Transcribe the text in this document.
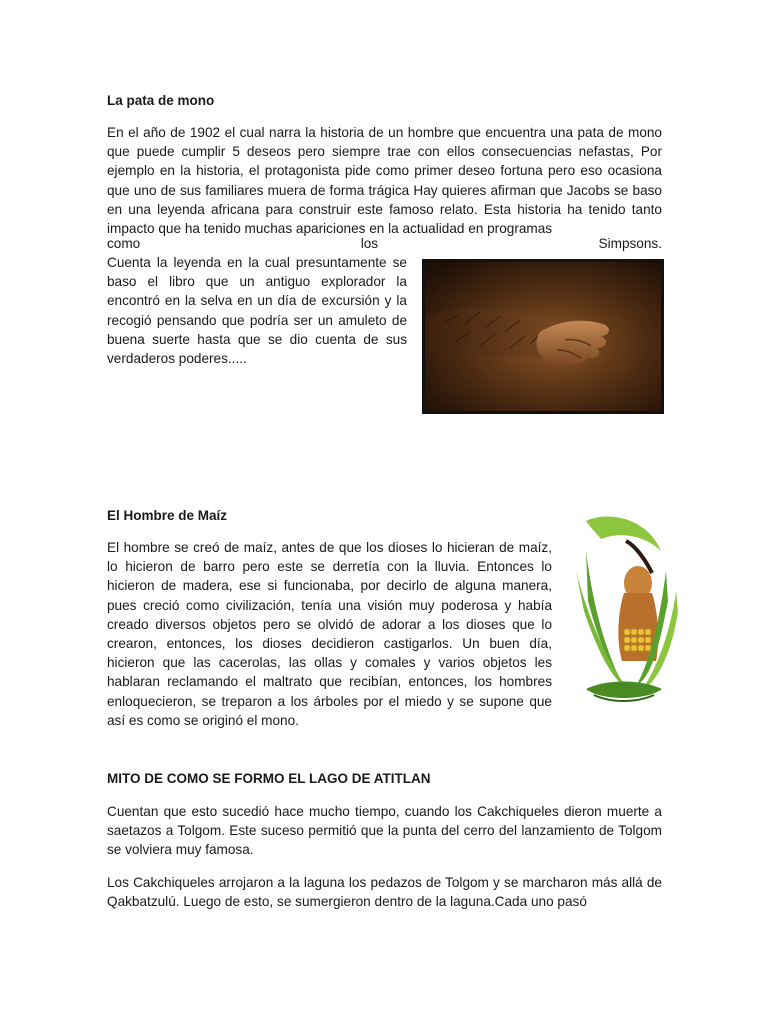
La pata de mono

En el año de 1902 el cual narra la historia de un hombre que encuentra una pata de mono que puede cumplir 5 deseos pero siempre trae con ellos consecuencias nefastas, Por ejemplo en la historia, el protagonista pide como primer deseo fortuna pero eso ocasiona que uno de sus familiares muera de forma trágica Hay quieres afirman que Jacobs se baso en una leyenda africana para construir este famoso relato. Esta historia ha tenido tanto impacto que ha tenido muchas apariciones en la actualidad en programas

como los Simpsons.

Cuenta la leyenda en la cual presuntamente se baso el libro que un antiguo explorador la encontró en la selva en un día de excursión y la recogió pensando que podría ser un amuleto de buena suerte hasta que se dio cuenta de sus verdaderos poderes.....

El Hombre de Maíz

El hombre se creó de maíz, antes de que los dioses lo hicieran de maíz, lo hicieron de barro pero este se derretía con la lluvia. Entonces lo hicieron de madera, ese si funcionaba, por decirlo de alguna manera, pues creció como civilización, tenía una visión muy poderosa y había creado diversos objetos pero se olvidó de adorar a los dioses que lo crearon, entonces, los dioses decidieron castigarlos. Un buen día, hicieron que las cacerolas, las ollas y comales y varios objetos les hablaran reclamando el maltrato que recibían, entonces, los hombres enloquecieron, se treparon a los árboles por el miedo y se supone que así es como se originó el mono.

MITO DE COMO SE FORMO EL LAGO DE ATITLAN

Cuentan que esto sucedió hace mucho tiempo, cuando los Cakchiqueles dieron muerte a saetazos a Tolgom. Este suceso permitió que la punta del cerro del lanzamiento de Tolgom se volviera muy famosa.

Los Cakchiqueles arrojaron a la laguna los pedazos de Tolgom y se marcharon más allá de Qakbatzulú. Luego de esto, se sumergieron dentro de la laguna.Cada uno pasó
